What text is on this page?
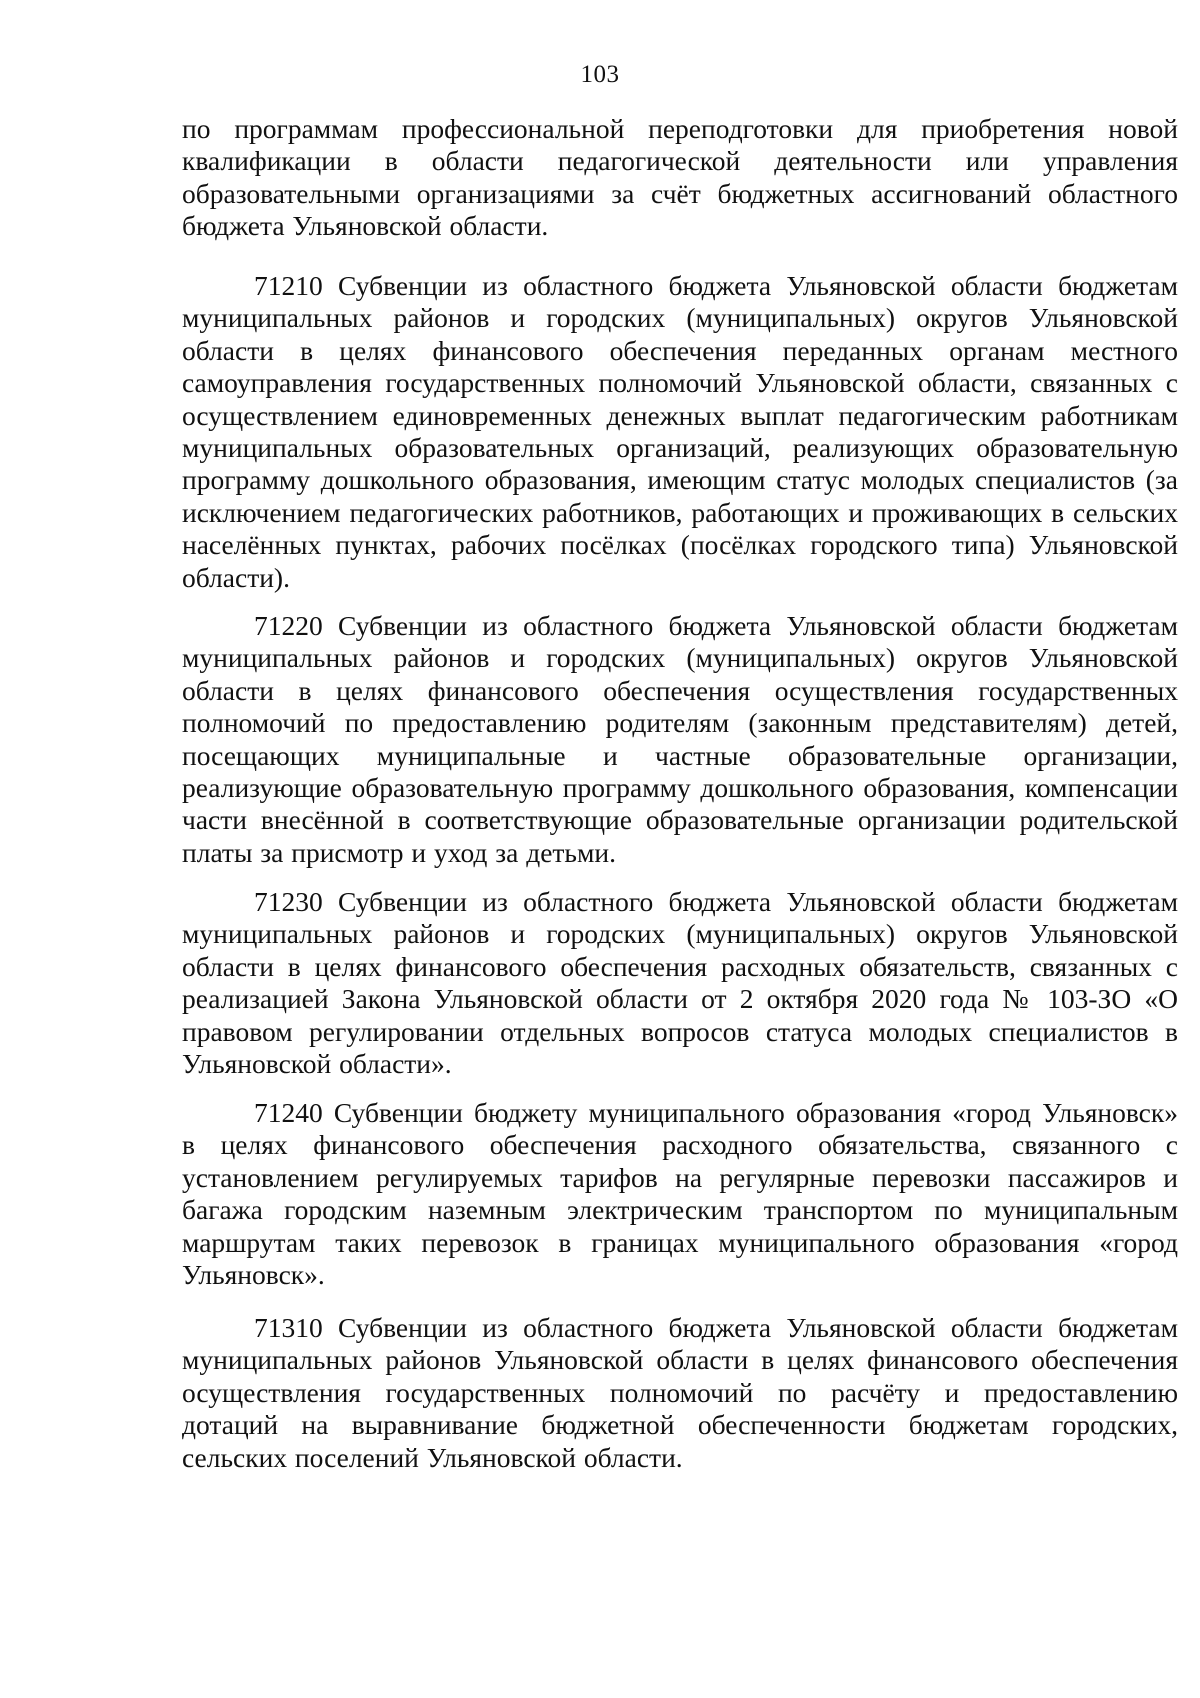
103

по программам профессиональной переподготовки для приобретения новой квалификации в области педагогической деятельности или управления образовательными организациями за счёт бюджетных ассигнований областного бюджета Ульяновской области.

71210 Субвенции из областного бюджета Ульяновской области бюджетам муниципальных районов и городских (муниципальных) округов Ульяновской области в целях финансового обеспечения переданных органам местного самоуправления государственных полномочий Ульяновской области, связанных с осуществлением единовременных денежных выплат педагогическим работникам муниципальных образовательных организаций, реализующих образовательную программу дошкольного образования, имеющим статус молодых специалистов (за исключением педагогических работников, работающих и проживающих в сельских населённых пунктах, рабочих посёлках (посёлках городского типа) Ульяновской области).

71220 Субвенции из областного бюджета Ульяновской области бюджетам муниципальных районов и городских (муниципальных) округов Ульяновской области в целях финансового обеспечения осуществления государственных полномочий по предоставлению родителям (законным представителям) детей, посещающих муниципальные и частные образовательные организации, реализующие образовательную программу дошкольного образования, компенсации части внесённой в соответствующие образовательные организации родительской платы за присмотр и уход за детьми.

71230 Субвенции из областного бюджета Ульяновской области бюджетам муниципальных районов и городских (муниципальных) округов Ульяновской области в целях финансового обеспечения расходных обязательств, связанных с реализацией Закона Ульяновской области от 2 октября 2020 года № 103-ЗО «О правовом регулировании отдельных вопросов статуса молодых специалистов в Ульяновской области».

71240 Субвенции бюджету муниципального образования «город Ульяновск» в целях финансового обеспечения расходного обязательства, связанного с установлением регулируемых тарифов на регулярные перевозки пассажиров и багажа городским наземным электрическим транспортом по муниципальным маршрутам таких перевозок в границах муниципального образования «город Ульяновск».

71310 Субвенции из областного бюджета Ульяновской области бюджетам муниципальных районов Ульяновской области в целях финансового обеспечения осуществления государственных полномочий по расчёту и предоставлению дотаций на выравнивание бюджетной обеспеченности бюджетам городских, сельских поселений Ульяновской области.
